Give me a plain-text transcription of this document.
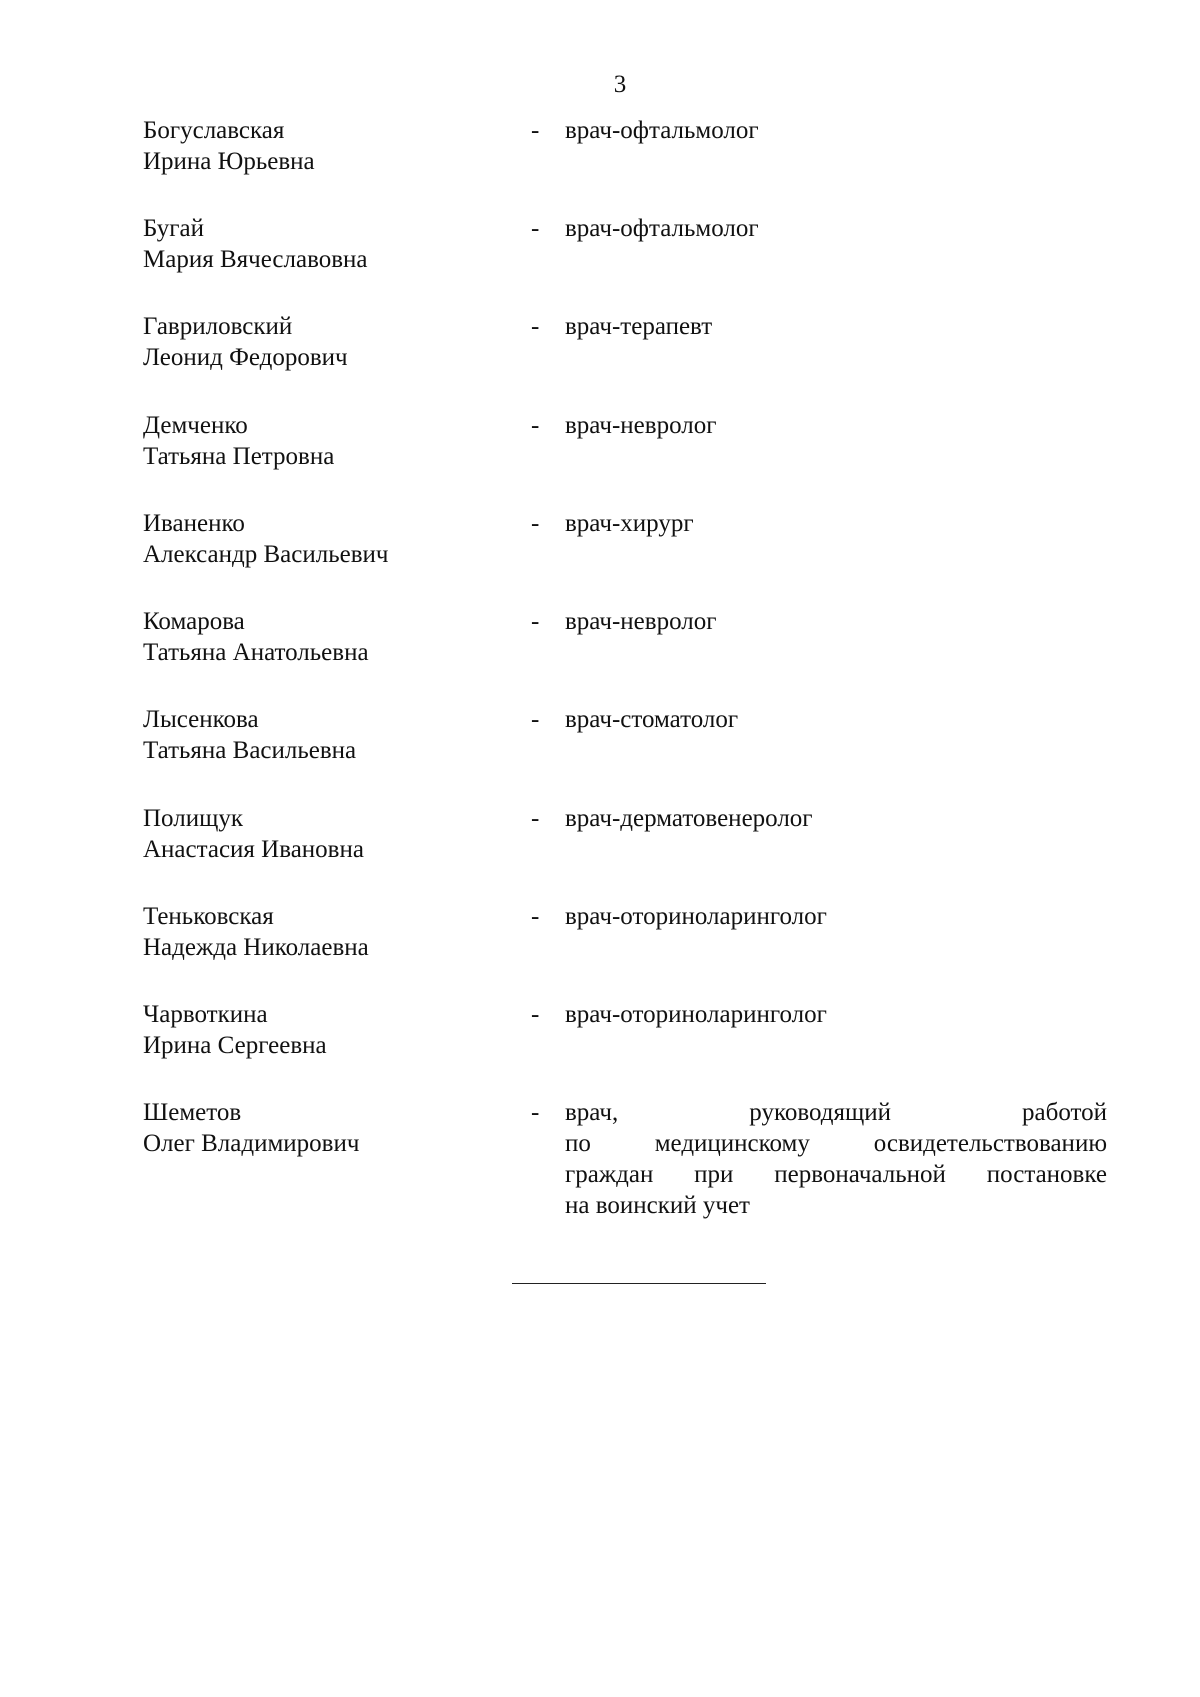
3
Богуславская
Ирина Юрьевна
- врач-офтальмолог
Бугай
Мария Вячеславовна
- врач-офтальмолог
Гавриловский
Леонид Федорович
- врач-терапевт
Демченко
Татьяна Петровна
- врач-невролог
Иваненко
Александр Васильевич
- врач-хирург
Комарова
Татьяна Анатольевна
- врач-невролог
Лысенкова
Татьяна Васильевна
- врач-стоматолог
Полищук
Анастасия Ивановна
- врач-дерматовенеролог
Теньковская
Надежда Николаевна
- врач-оториноларинголог
Чарвоткина
Ирина Сергеевна
- врач-оториноларинголог
Шеметов
Олег Владимирович
- врач,	руководящий	работой
по	медицинскому	освидетельствованию
граждан при первоначальной постановке
на воинский учет
